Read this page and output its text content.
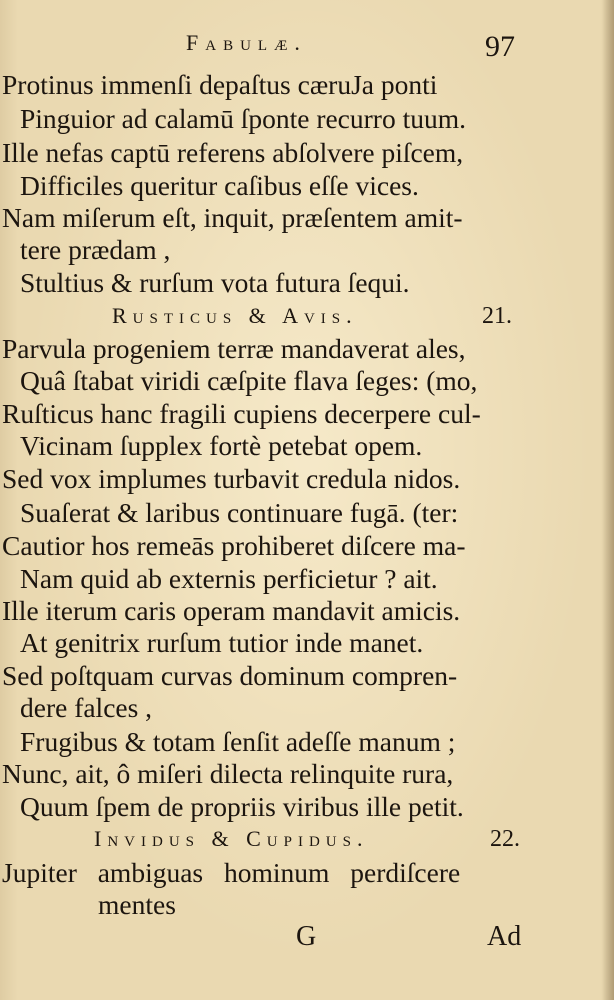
Fabulæ.	97
Protinus immenſi depaſtus cæruJa ponti
Pinguior ad calamū ſponte recurro tuum.
Ille nefas captū referens abſolvere piſcem,
Difficiles queritur caſibus eſſe vices.
Nam miſerum eſt, inquit, præſentem amit-
tere prædam ,
Stultius & rurſum vota futura ſequi.
Rusticus & Avis.	21.
Parvula progeniem terræ mandaverat ales,
Quâ ſtabat viridi cæſpite flava ſeges: (mo,
Ruſticus hanc fragili cupiens decerpere cul-
Vicinam ſupplex fortè petebat opem.
Sed vox implumes turbavit credula nidos.
Suaſerat & laribus continuare fugā. (ter:
Cautior hos remeās prohiberet diſcere ma-
Nam quid ab externis perficietur ? ait.
Ille iterum caris operam mandavit amicis.
At genitrix rurſum tutior inde manet.
Sed poſtquam curvas dominum compren-
dere falces ,
Frugibus & totam ſenſit adeſſe manum ;
Nunc, ait, ô miſeri dilecta relinquite rura,
Quum ſpem de propriis viribus ille petit.
Invidus & Cupidus.	22.
Jupiter ambiguas hominum perdiſcere
mentes
G	Ad
